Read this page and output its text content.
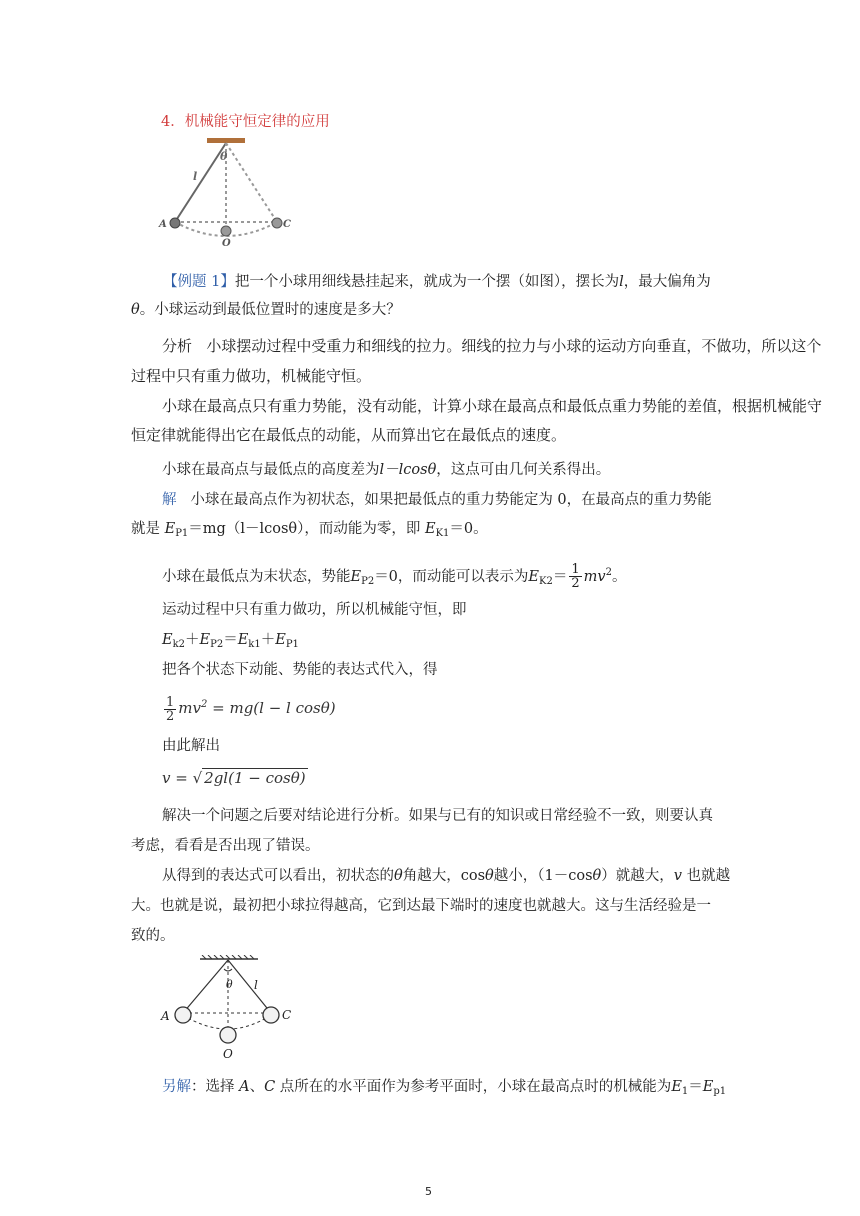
4．机械能守恒定律的应用
θ
l
A	C
O
【例题 1】把一个小球用细线悬挂起来，就成为一个摆（如图），摆长为l，最大偏角为
θ。小球运动到最低位置时的速度是多大？
分析 小球摆动过程中受重力和细线的拉力。细线的拉力与小球的运动方向垂直，不做功，所以这个
过程中只有重力做功，机械能守恒。
小球在最高点只有重力势能，没有动能，计算小球在最高点和最低点重力势能的差值，根据机械能守
恒定律就能得出它在最低点的动能，从而算出它在最低点的速度。
小球在最高点与最低点的高度差为l－lcosθ，这点可由几何关系得出。
解 小球在最高点作为初状态，如果把最低点的重力势能定为 0，在最高点的重力势能
就是 $E_{P1}=mg(l-lcos\theta)$，而动能为零，即 $E_{K1}=0$。
小球在最低点为末状态，势能$E_{P2}=0$，而动能可以表示为$E_{K2}= \frac{1}{2} mv^2$。
运动过程中只有重力做功，所以机械能守恒，即
$E_{k2}+E_{P2}=E_{k1}+E_{P1}$
把各个状态下动能、势能的表达式代入，得
$\frac{1}{2} mv^2 = mg(l - l$ cosθ)
由此解出
v = √ 2gl(1 − cosθ)
解决一个问题之后要对结论进行分析。如果与已有的知识或日常经验不一致，则要认真
考虑，看看是否出现了错误。
从得到的表达式可以看出，初状态的θ角越大，cosθ越小，（1－cosθ）就越大，v 也就越
大。也就是说，最初把小球拉得越高，它到达最下端时的速度也就越大。这与生活经验是一
致的。
θ l
A	C
O
另解：选择 A、C 点所在的水平面作为参考平面时，小球在最高点时的机械能为$E_1=E_{p1}$
5
